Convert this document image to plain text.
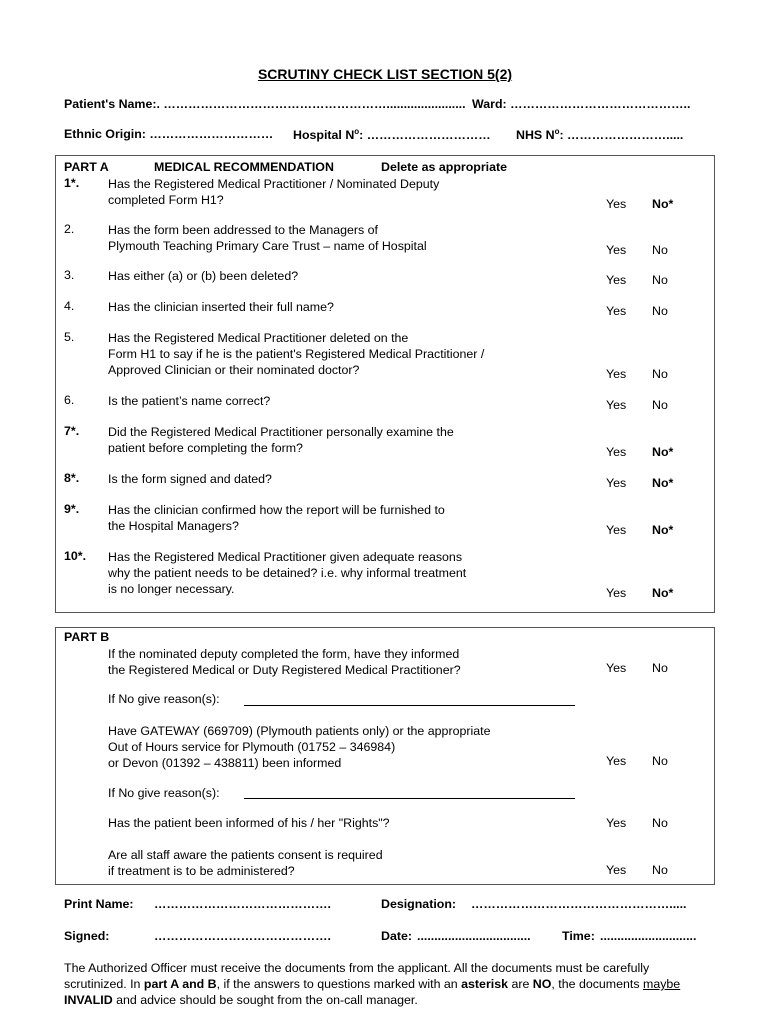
SCRUTINY CHECK LIST SECTION 5(2)
Patient's Name:. ………………………………………………....................... Ward: ……………………………………..
Ethnic Origin: ………………………… Hospital $N^o$: ………………………… NHS $N^o$: …………………….....
PART A	MEDICAL RECOMMENDATION	Delete as appropriate
1*. Has the Registered Medical Practitioner / Nominated Deputy
completed Form H1?	Yes No*
2.	Has the form been addressed to the Managers of
Plymouth Teaching Primary Care Trust – name of Hospital	Yes No
3.	Has either (a) or (b) been deleted?	Yes No
4.	Has the clinician inserted their full name?	Yes No
5.	Has the Registered Medical Practitioner deleted on the
Form H1 to say if he is the patient's Registered Medical Practitioner /
Approved Clinician or their nominated doctor?	Yes No
6.	Is the patient’s name correct?	Yes No
7*. Did the Registered Medical Practitioner personally examine the
patient before completing the form?	Yes No*
8*. Is the form signed and dated?	Yes No*
9*. Has the clinician confirmed how the report will be furnished to
the Hospital Managers?	Yes No*
10*. Has the Registered Medical Practitioner given adequate reasons
why the patient needs to be detained? i.e. why informal treatment
is no longer necessary.	Yes No*
PART B
If the nominated deputy completed the form, have they informed
the Registered Medical or Duty Registered Medical Practitioner?	Yes No
If No give reason(s):
Have GATEWAY (669709) (Plymouth patients only) or the appropriate
Out of Hours service for Plymouth (01752 – 346984)
or Devon (01392 – 438811) been informed	Yes No
If No give reason(s):
Has the patient been informed of his / her "Rights"?	Yes No
Are all staff aware the patients consent is required
if treatment is to be administered?	Yes No
Print Name: …………………………………….	Designation: ………………………………………….....
Signed:	…………………………………….	Date: .................................	Time: ............................
The Authorized Officer must receive the documents from the applicant. All the documents must be carefully scrutinized. In part A and B, if the answers to questions marked with an asterisk are NO, the documents maybe INVALID and advice should be sought from the on-call manager.
